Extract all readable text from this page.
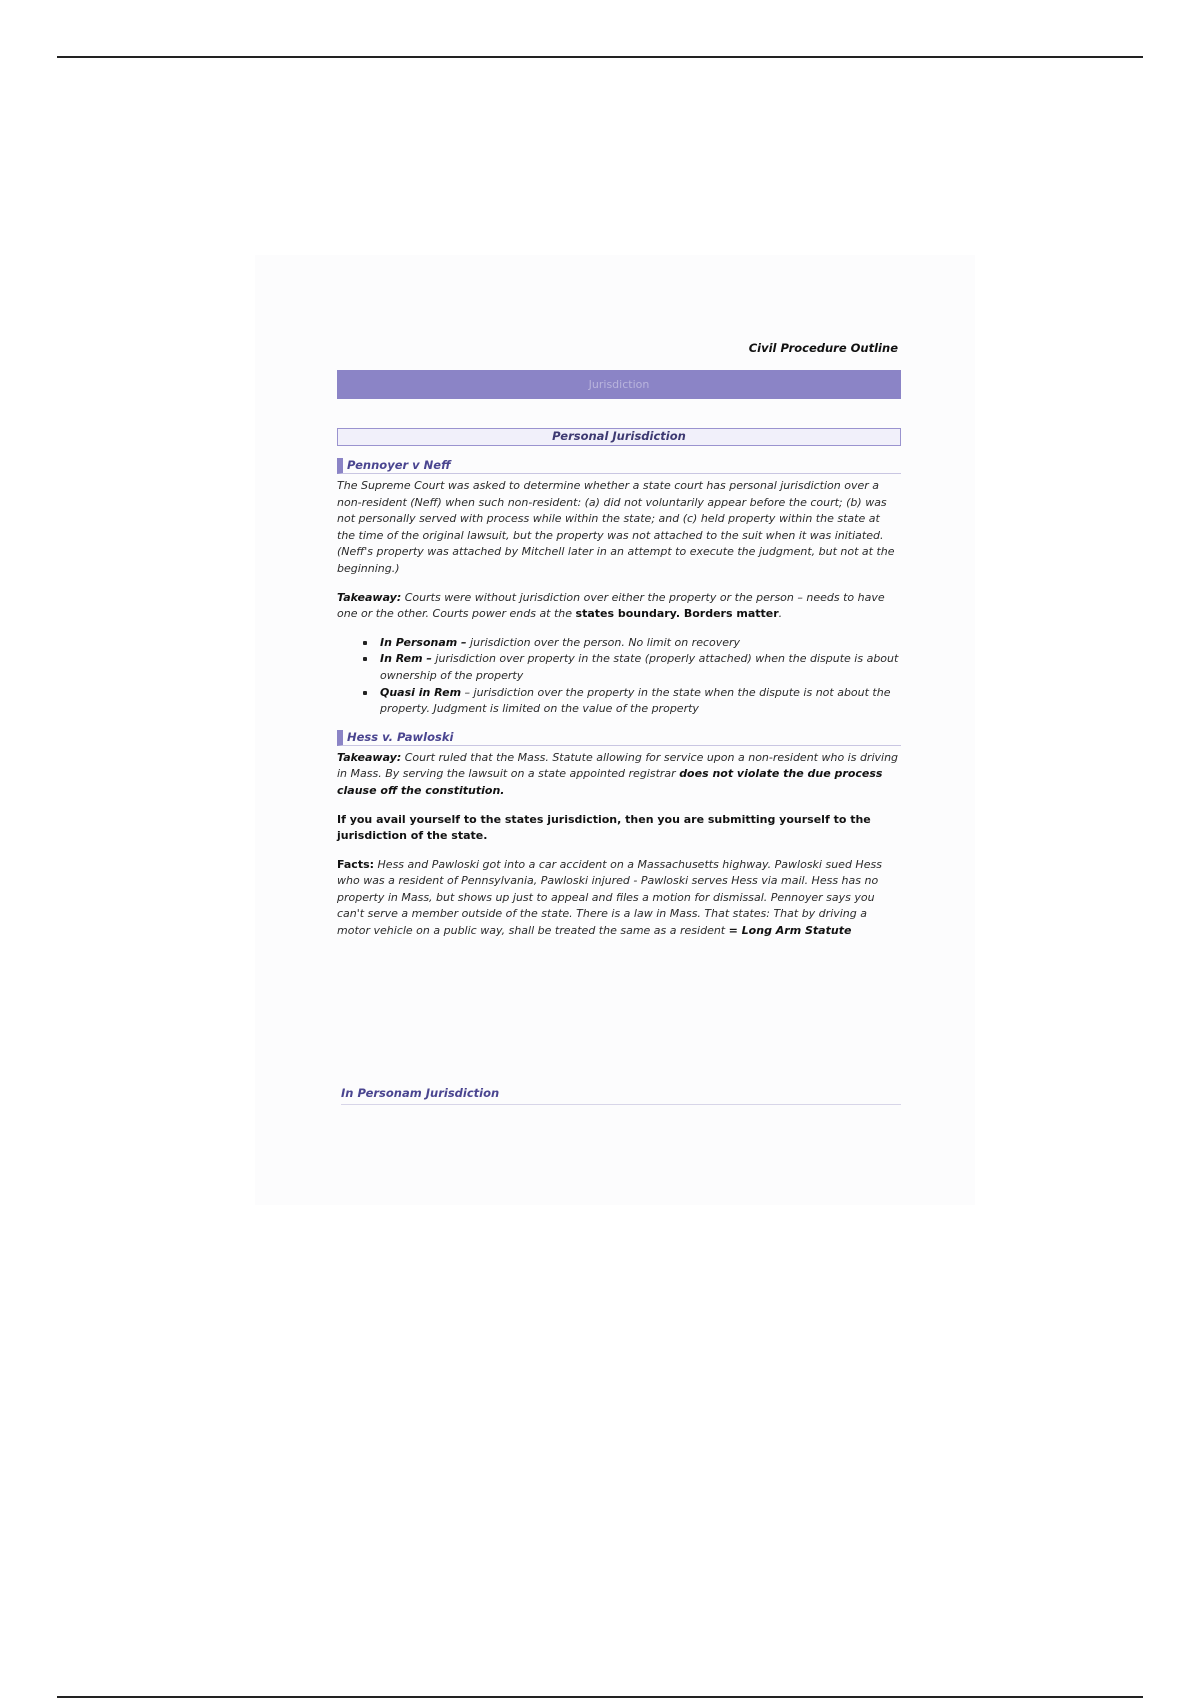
Civil Procedure Outline
Jurisdiction
Personal Jurisdiction
Pennoyer v Neff

The Supreme Court was asked to determine whether a state court has personal jurisdiction over a non-resident (Neff) when such non-resident: (a) did not voluntarily appear before the court; (b) was not personally served with process while within the state; and (c) held property within the state at the time of the original lawsuit, but the property was not attached to the suit when it was initiated. (Neff's property was attached by Mitchell later in an attempt to execute the judgment, but not at the beginning.)

Takeaway: Courts were without jurisdiction over either the property or the person – needs to have one or the other. Courts power ends at the states boundary. Borders matter.

In Personam – jurisdiction over the person. No limit on recovery
In Rem – jurisdiction over property in the state (properly attached) when the dispute is about ownership of the property
Quasi in Rem – jurisdiction over the property in the state when the dispute is not about the property. Judgment is limited on the value of the property
Hess v. Pawloski

Takeaway: Court ruled that the Mass. Statute allowing for service upon a non-resident who is driving in Mass. By serving the lawsuit on a state appointed registrar does not violate the due process clause off the constitution.

If you avail yourself to the states jurisdiction, then you are submitting yourself to the jurisdiction of the state.

Facts: Hess and Pawloski got into a car accident on a Massachusetts highway. Pawloski sued Hess who was a resident of Pennsylvania, Pawloski injured - Pawloski serves Hess via mail. Hess has no property in Mass, but shows up just to appeal and files a motion for dismissal. Pennoyer says you can't serve a member outside of the state. There is a law in Mass. That states: That by driving a motor vehicle on a public way, shall be treated the same as a resident = Long Arm Statute

In Personam Jurisdiction
